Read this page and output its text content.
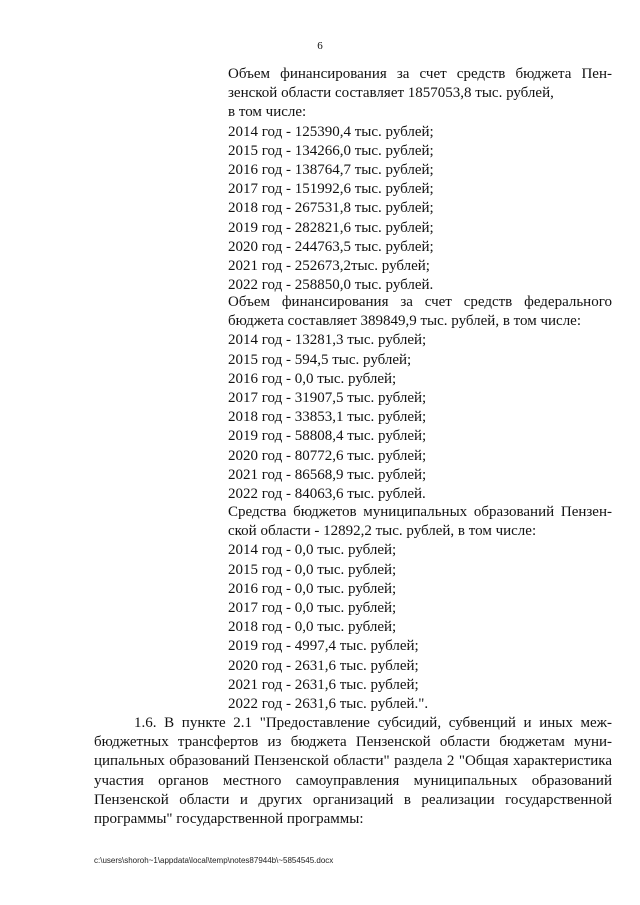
6

Объем финансирования за счет средств бюджета Пен-

зенской области составляет 1857053,8 тыс. рублей,

в том числе:

2014 год - 125390,4 тыс. рублей;

2015 год - 134266,0 тыс. рублей;

2016 год - 138764,7 тыс. рублей;

2017 год - 151992,6 тыс. рублей;

2018 год - 267531,8 тыс. рублей;

2019 год - 282821,6 тыс. рублей;

2020 год - 244763,5 тыс. рублей;

2021 год - 252673,2тыс. рублей;

2022 год - 258850,0 тыс. рублей.

Объем финансирования за счет средств федерального

бюджета составляет 389849,9 тыс. рублей, в том числе:

2014 год - 13281,3 тыс. рублей;

2015 год - 594,5 тыс. рублей;

2016 год - 0,0 тыс. рублей;

2017 год - 31907,5 тыс. рублей;

2018 год - 33853,1 тыс. рублей;

2019 год - 58808,4 тыс. рублей;

2020 год - 80772,6 тыс. рублей;

2021 год - 86568,9 тыс. рублей;

2022 год - 84063,6 тыс. рублей.

Средства бюджетов муниципальных образований Пензен-

ской области - 12892,2 тыс. рублей, в том числе:

2014 год - 0,0 тыс. рублей;

2015 год - 0,0 тыс. рублей;

2016 год - 0,0 тыс. рублей;

2017 год - 0,0 тыс. рублей;

2018 год - 0,0 тыс. рублей;

2019 год - 4997,4 тыс. рублей;

2020 год - 2631,6 тыс. рублей;

2021 год - 2631,6 тыс. рублей;

2022 год - 2631,6 тыс. рублей.".

1.6. В пункте 2.1 "Предоставление субсидий, субвенций и иных меж-
бюджетных трансфертов из бюджета Пензенской области бюджетам муни-
ципальных образований Пензенской области" раздела 2 "Общая характеристика
участия органов местного самоуправления муниципальных образований
Пензенской области и других организаций в реализации государственной
программы" государственной программы:
c:\users\shoroh~1\appdata\local\temp\notes87944b\~5854545.docx
